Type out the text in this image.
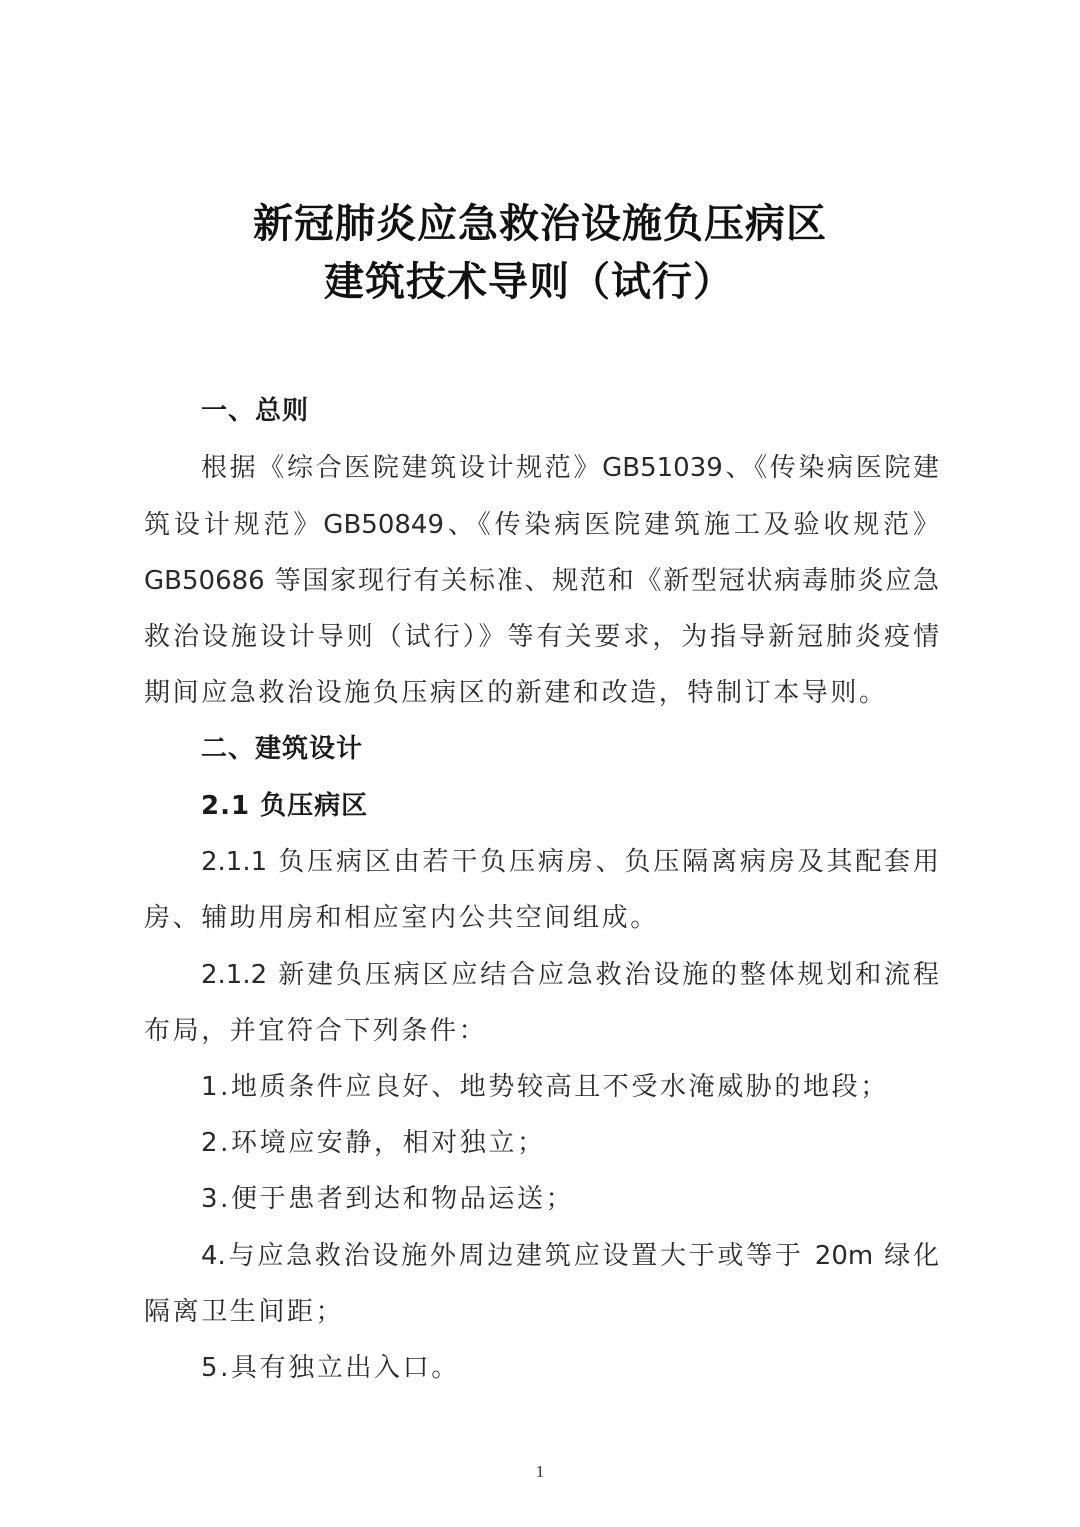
新冠肺炎应急救治设施负压病区
建筑技术导则（试行）
一、总则
根据《综合医院建筑设计规范》GB51039、《传染病医院建
筑设计规范》GB50849、《传染病医院建筑施工及验收规范》
GB50686 等国家现行有关标准、规范和《新型冠状病毒肺炎应急
救治设施设计导则（试行）》等有关要求，为指导新冠肺炎疫情
期间应急救治设施负压病区的新建和改造，特制订本导则。
二、建筑设计
2.1 负压病区
2.1.1 负压病区由若干负压病房、负压隔离病房及其配套用
房、辅助用房和相应室内公共空间组成。
2.1.2 新建负压病区应结合应急救治设施的整体规划和流程
布局，并宜符合下列条件：
1.地质条件应良好、地势较高且不受水淹威胁的地段；
2.环境应安静，相对独立；
3.便于患者到达和物品运送；
4.与应急救治设施外周边建筑应设置大于或等于 20m 绿化
隔离卫生间距；
5.具有独立出入口。
1
